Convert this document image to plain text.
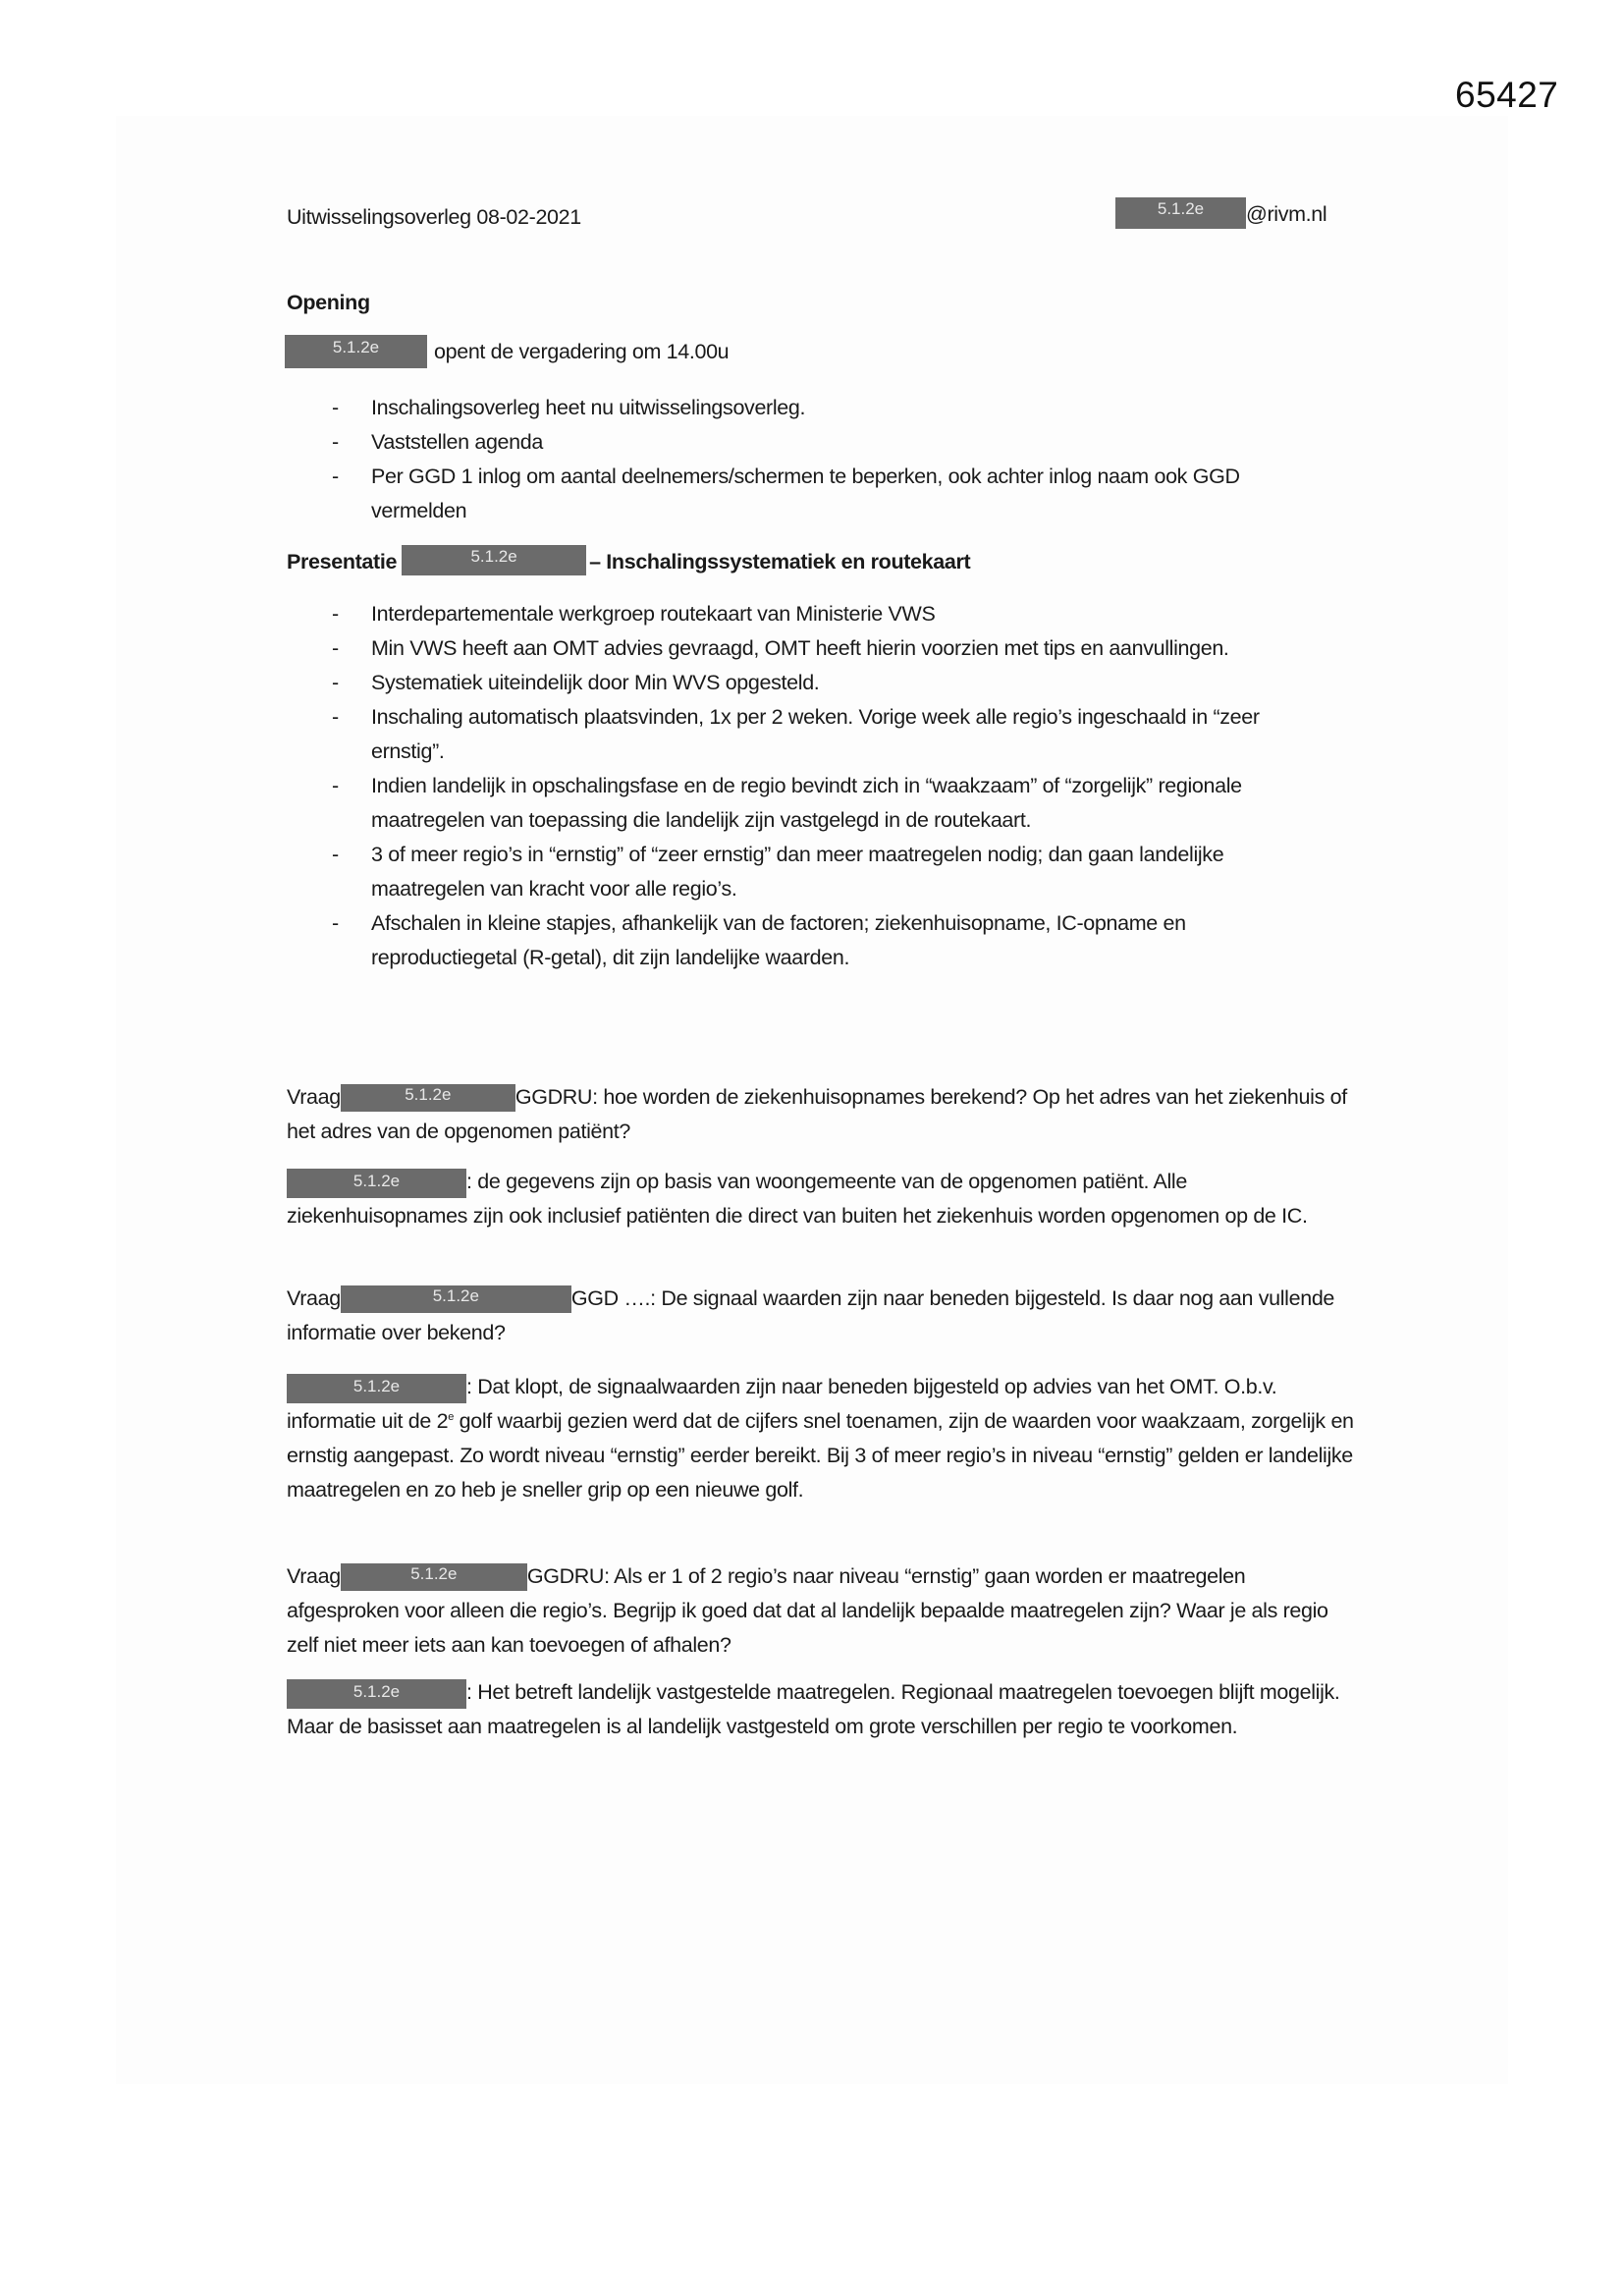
65427
Uitwisselingsoverleg 08-02-2021	5.1.2e @rivm.nl
Opening
5.1.2e	opent de vergadering om 14.00u
- Inschalingsoverleg heet nu uitwisselingsoverleg.
- Vaststellen agenda
- Per GGD 1 inlog om aantal deelnemers/schermen te beperken, ook achter inlog naam ook GGD vermelden
Presentatie	5.1.2e	– Inschalingssystematiek en routekaart
- Interdepartementale werkgroep routekaart van Ministerie VWS
- Min VWS heeft aan OMT advies gevraagd, OMT heeft hierin voorzien met tips en aanvullingen.
- Systematiek uiteindelijk door Min WVS opgesteld.
- Inschaling automatisch plaatsvinden, 1x per 2 weken. Vorige week alle regio’s ingeschaald in “zeer ernstig”.
- Indien landelijk in opschalingsfase en de regio bevindt zich in “waakzaam” of “zorgelijk” regionale maatregelen van toepassing die landelijk zijn vastgelegd in de routekaart.
- 3 of meer regio’s in “ernstig” of “zeer ernstig” dan meer maatregelen nodig; dan gaan landelijke maatregelen van kracht voor alle regio’s.
- Afschalen in kleine stapjes, afhankelijk van de factoren; ziekenhuisopname, IC-opname en reproductiegetal (R-getal), dit zijn landelijke waarden.

Vraag	5.1.2e	GGDRU: hoe worden de ziekenhuisopnames berekend? Op het adres van het ziekenhuis of het adres van de opgenomen patiënt?

5.1.2e	: de gegevens zijn op basis van woongemeente van de opgenomen patiënt. Alle ziekenhuisopnames zijn ook inclusief patiënten die direct van buiten het ziekenhuis worden opgenomen op de IC.

Vraag	5.1.2e	GGD ….: De signaal waarden zijn naar beneden bijgesteld. Is daar nog aan vullende informatie over bekend?

5.1.2e	: Dat klopt, de signaalwaarden zijn naar beneden bijgesteld op advies van het OMT. O.b.v. informatie uit de 2e golf waarbij gezien werd dat de cijfers snel toenamen, zijn de waarden voor waakzaam, zorgelijk en ernstig aangepast. Zo wordt niveau “ernstig” eerder bereikt. Bij 3 of meer regio’s in niveau “ernstig” gelden er landelijke maatregelen en zo heb je sneller grip op een nieuwe golf.

Vraag	5.1.2e	GGDRU: Als er 1 of 2 regio’s naar niveau “ernstig” gaan worden er maatregelen afgesproken voor alleen die regio’s. Begrijp ik goed dat dat al landelijk bepaalde maatregelen zijn? Waar je als regio zelf niet meer iets aan kan toevoegen of afhalen?

5.1.2e	: Het betreft landelijk vastgestelde maatregelen. Regionaal maatregelen toevoegen blijft mogelijk. Maar de basisset aan maatregelen is al landelijk vastgesteld om grote verschillen per regio te voorkomen.
